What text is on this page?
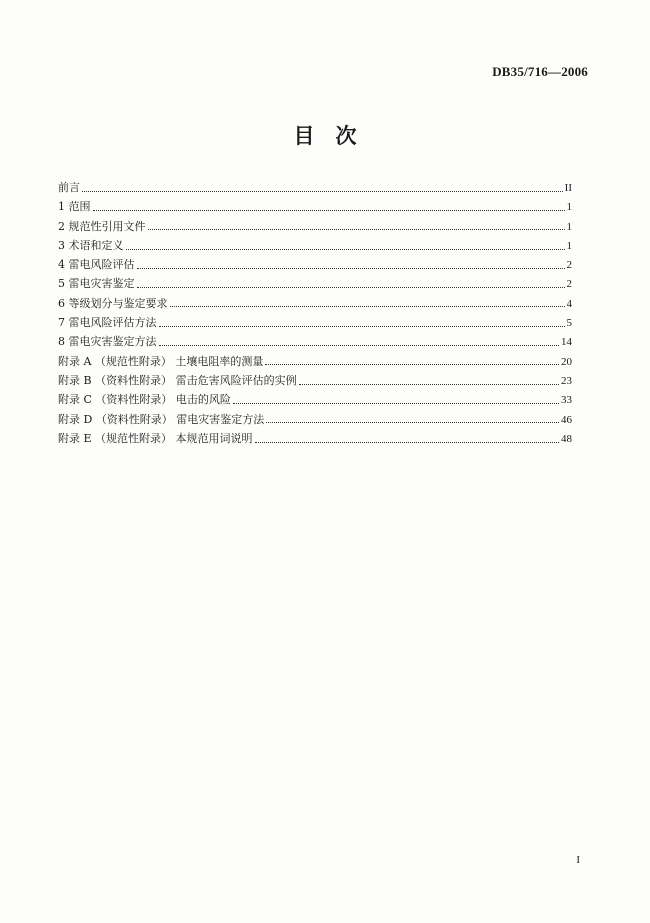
DB35/716—2006
目　次
前言	II
1 范围	1
2 规范性引用文件	1
3 术语和定义	1
4 雷电风险评估	2
5 雷电灾害鉴定	2
6 等级划分与鉴定要求	4
7 雷电风险评估方法	5
8 雷电灾害鉴定方法	14
附录 A （规范性附录） 土壤电阻率的测量	20
附录 B （资料性附录） 雷击危害风险评估的实例	23
附录 C （资料性附录） 电击的风险	33
附录 D （资料性附录） 雷电灾害鉴定方法	46
附录 E （规范性附录） 本规范用词说明	48
I
